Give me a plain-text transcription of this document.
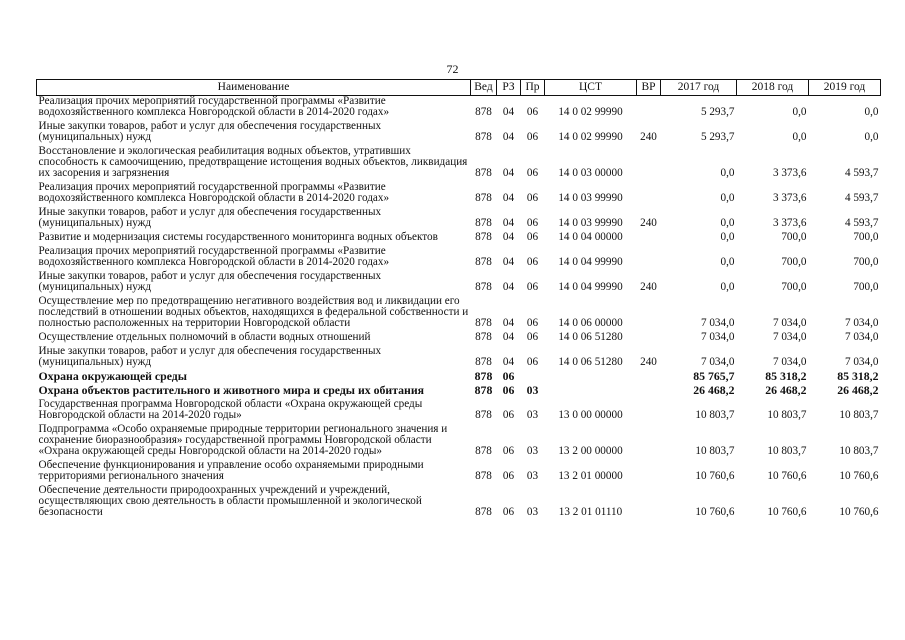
72
Наименование	Вед	РЗ	Пр	ЦСТ	ВР	2017 год	2018 год	2019 год
Реализация прочих мероприятий государственной программы «Развитие водохозяйственного комплекса Новгородской области в 2014-2020 годах»	878	04	06	14 0 02 99990		5 293,7	0,0	0,0
Иные закупки товаров, работ и услуг для обеспечения государственных (муниципальных) нужд	878	04	06	14 0 02 99990	240	5 293,7	0,0	0,0
Восстановление и экологическая реабилитация водных объектов, утративших способность к самоочищению, предотвращение истощения водных объектов, ликвидация их засорения и загрязнения	878	04	06	14 0 03 00000		0,0	3 373,6	4 593,7
Реализация прочих мероприятий государственной программы «Развитие водохозяйственного комплекса Новгородской области в 2014-2020 годах»	878	04	06	14 0 03 99990		0,0	3 373,6	4 593,7
Иные закупки товаров, работ и услуг для обеспечения государственных (муниципальных) нужд	878	04	06	14 0 03 99990	240	0,0	3 373,6	4 593,7
Развитие и модернизация системы государственного мониторинга водных объектов	878	04	06	14 0 04 00000		0,0	700,0	700,0
Реализация прочих мероприятий государственной программы «Развитие водохозяйственного комплекса Новгородской области в 2014-2020 годах»	878	04	06	14 0 04 99990		0,0	700,0	700,0
Иные закупки товаров, работ и услуг для обеспечения государственных (муниципальных) нужд	878	04	06	14 0 04 99990	240	0,0	700,0	700,0
Осуществление мер по предотвращению негативного воздействия вод и ликвидации его последствий в отношении водных объектов, находящихся в федеральной собственности и полностью расположенных на территории Новгородской области	878	04	06	14 0 06 00000		7 034,0	7 034,0	7 034,0
Осуществление отдельных полномочий в области водных отношений	878	04	06	14 0 06 51280		7 034,0	7 034,0	7 034,0
Иные закупки товаров, работ и услуг для обеспечения государственных (муниципальных) нужд	878	04	06	14 0 06 51280	240	7 034,0	7 034,0	7 034,0
Охрана окружающей среды	878	06				85 765,7	85 318,2	85 318,2
Охрана объектов растительного и животного мира и среды их обитания	878	06	03			26 468,2	26 468,2	26 468,2
Государственная программа Новгородской области «Охрана окружающей среды Новгородской области на 2014-2020 годы»	878	06	03	13 0 00 00000		10 803,7	10 803,7	10 803,7
Подпрограмма «Особо охраняемые природные территории регионального значения и сохранение биоразнообразия» государственной программы Новгородской области «Охрана окружающей среды Новгородской области на 2014-2020 годы»	878	06	03	13 2 00 00000		10 803,7	10 803,7	10 803,7
Обеспечение функционирования и управление особо охраняемыми природными территориями регионального значения	878	06	03	13 2 01 00000		10 760,6	10 760,6	10 760,6
Обеспечение деятельности природоохранных учреждений и учреждений, осуществляющих свою деятельность в области промышленной и экологической безопасности	878	06	03	13 2 01 01110		10 760,6	10 760,6	10 760,6
